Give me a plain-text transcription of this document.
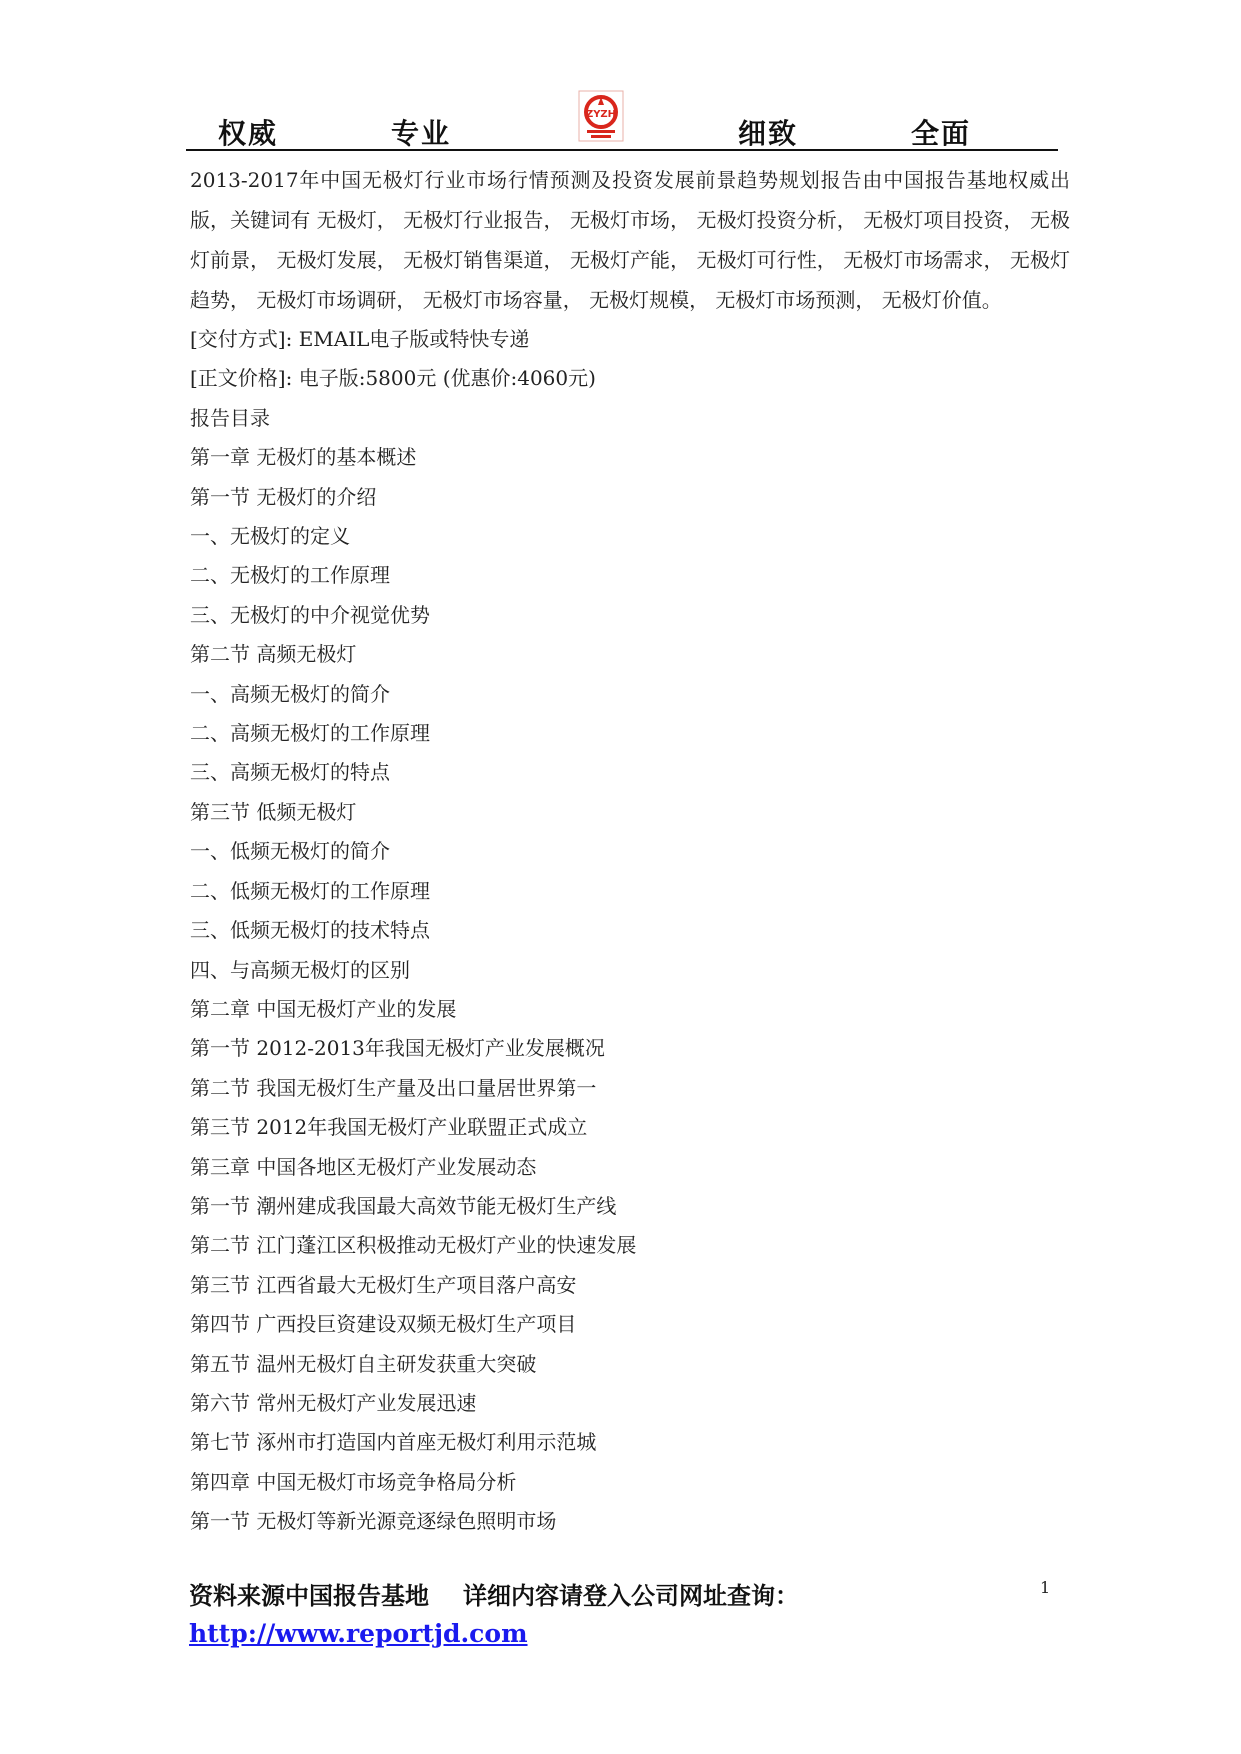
权威	专业
ZYZH
细致	全面

2013-2017年中国无极灯行业市场行情预测及投资发展前景趋势规划报告由中国报告基地权威出版，关键词有 无极灯， 无极灯行业报告， 无极灯市场， 无极灯投资分析， 无极灯项目投资， 无极灯前景， 无极灯发展， 无极灯销售渠道， 无极灯产能， 无极灯可行性， 无极灯市场需求， 无极灯趋势， 无极灯市场调研， 无极灯市场容量， 无极灯规模， 无极灯市场预测， 无极灯价值。

[交付方式]: EMAIL电子版或特快专递
[正文价格]: 电子版:5800元 (优惠价:4060元)
报告目录
第一章 无极灯的基本概述
第一节 无极灯的介绍
一、无极灯的定义
二、无极灯的工作原理
三、无极灯的中介视觉优势
第二节 高频无极灯
一、高频无极灯的简介
二、高频无极灯的工作原理
三、高频无极灯的特点
第三节 低频无极灯
一、低频无极灯的简介
二、低频无极灯的工作原理
三、低频无极灯的技术特点
四、与高频无极灯的区别
第二章 中国无极灯产业的发展
第一节 2012-2013年我国无极灯产业发展概况
第二节 我国无极灯生产量及出口量居世界第一
第三节 2012年我国无极灯产业联盟正式成立
第三章 中国各地区无极灯产业发展动态
第一节 潮州建成我国最大高效节能无极灯生产线
第二节 江门蓬江区积极推动无极灯产业的快速发展
第三节 江西省最大无极灯生产项目落户高安
第四节 广西投巨资建设双频无极灯生产项目
第五节 温州无极灯自主研发获重大突破
第六节 常州无极灯产业发展迅速
第七节 涿州市打造国内首座无极灯利用示范城
第四章 中国无极灯市场竞争格局分析
第一节 无极灯等新光源竞逐绿色照明市场
资料来源中国报告基地 详细内容请登入公司网址查询：
http://www.reportjd.com
1
